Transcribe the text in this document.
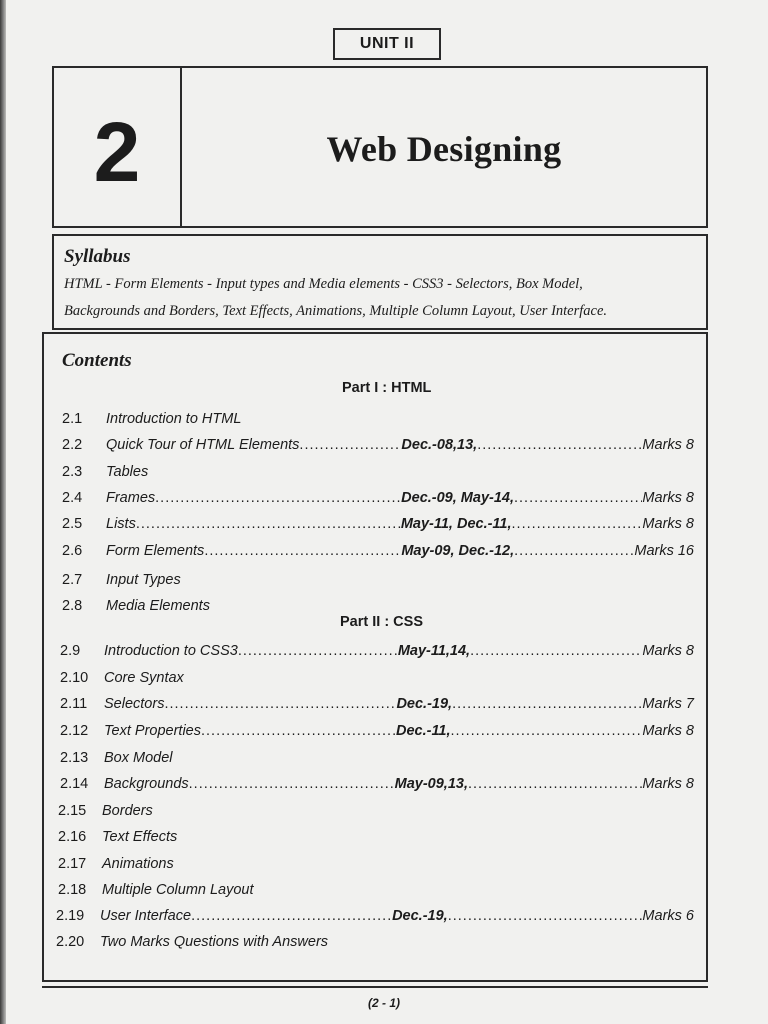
UNIT II
2	Web Designing
Syllabus
HTML - Form Elements - Input types and Media elements - CSS3 - Selectors, Box Model,
Backgrounds and Borders, Text Effects, Animations, Multiple Column Layout, User Interface.
Contents
Part I : HTML
Part II : CSS
2.1	Introduction to HTML
2.2	Quick Tour of HTML Elements .....	Dec.-08,13, .....	Marks 8
2.3	Tables
2.4	Frames .....	Dec.-09, May-14, .....	Marks 8
2.5	Lists .....	May-11, Dec.-11, .....	Marks 8
2.6	Form Elements .....	May-09, Dec.-12, .....	Marks 16
2.7	Input Types
2.8	Media Elements
2.9	Introduction to CSS3 .....	May-11,14, .....	Marks 8
2.10	Core Syntax
2.11	Selectors .....	Dec.-19, .....	Marks 7
2.12	Text Properties .....	Dec.-11, .....	Marks 8
2.13	Box Model
2.14	Backgrounds .....	May-09,13, .....	Marks 8
2.15	Borders
2.16	Text Effects
2.17	Animations
2.18	Multiple Column Layout
2.19	User Interface .....	Dec.-19, .....	Marks 6
2.20	Two Marks Questions with Answers
(2 - 1)
